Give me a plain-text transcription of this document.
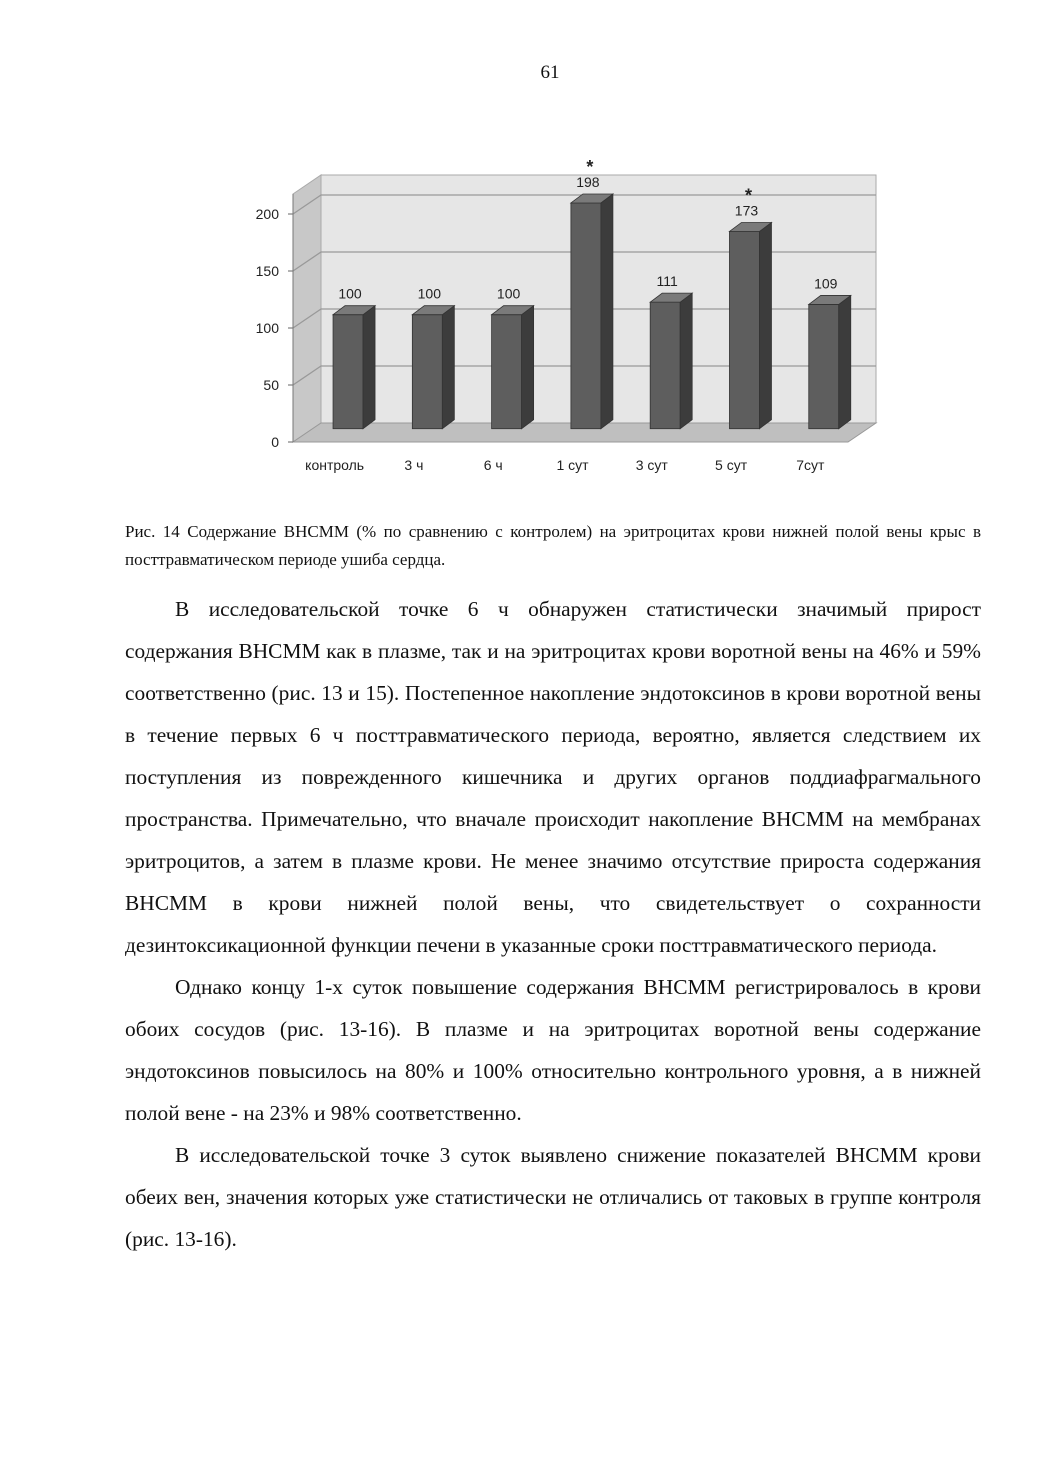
61
0
50
100
150
200
100
контроль
100
3 ч
100
6 ч
198
*
1 сут
111
3 сут
173
*
5 сут
109
7сут
Рис. 14 Содержание ВНСММ (% по сравнению с контролем) на эритроцитах крови нижней полой вены крыс в посттравматическом периоде ушиба сердца.

В исследовательской точке 6 ч обнаружен статистически значимый прирост содержания ВНСММ как в плазме, так и на эритроцитах крови воротной вены на 46% и 59% соответственно (рис. 13 и 15). Постепенное накопление эндотоксинов в крови воротной вены в течение первых 6 ч посттравматического периода, вероятно, является следствием их поступления из поврежденного кишечника и других органов поддиафрагмального пространства. Примечательно, что вначале происходит накопление ВНСММ на мембранах эритроцитов, а затем в плазме крови. Не менее значимо отсутствие прироста содержания ВНСММ в крови нижней полой вены, что свидетельствует о сохранности дезинтоксикационной функции печени в указанные сроки посттравматического периода.

Однако концу 1-х суток повышение содержания ВНСММ регистрировалось в крови обоих сосудов (рис. 13-16). В плазме и на эритроцитах воротной вены содержание эндотоксинов повысилось на 80% и 100% относительно контрольного уровня, а в нижней полой вене - на 23% и 98% соответственно.

В исследовательской точке 3 суток выявлено снижение показателей ВНСММ крови обеих вен, значения которых уже статистически не отличались от таковых в группе контроля (рис. 13-16).
